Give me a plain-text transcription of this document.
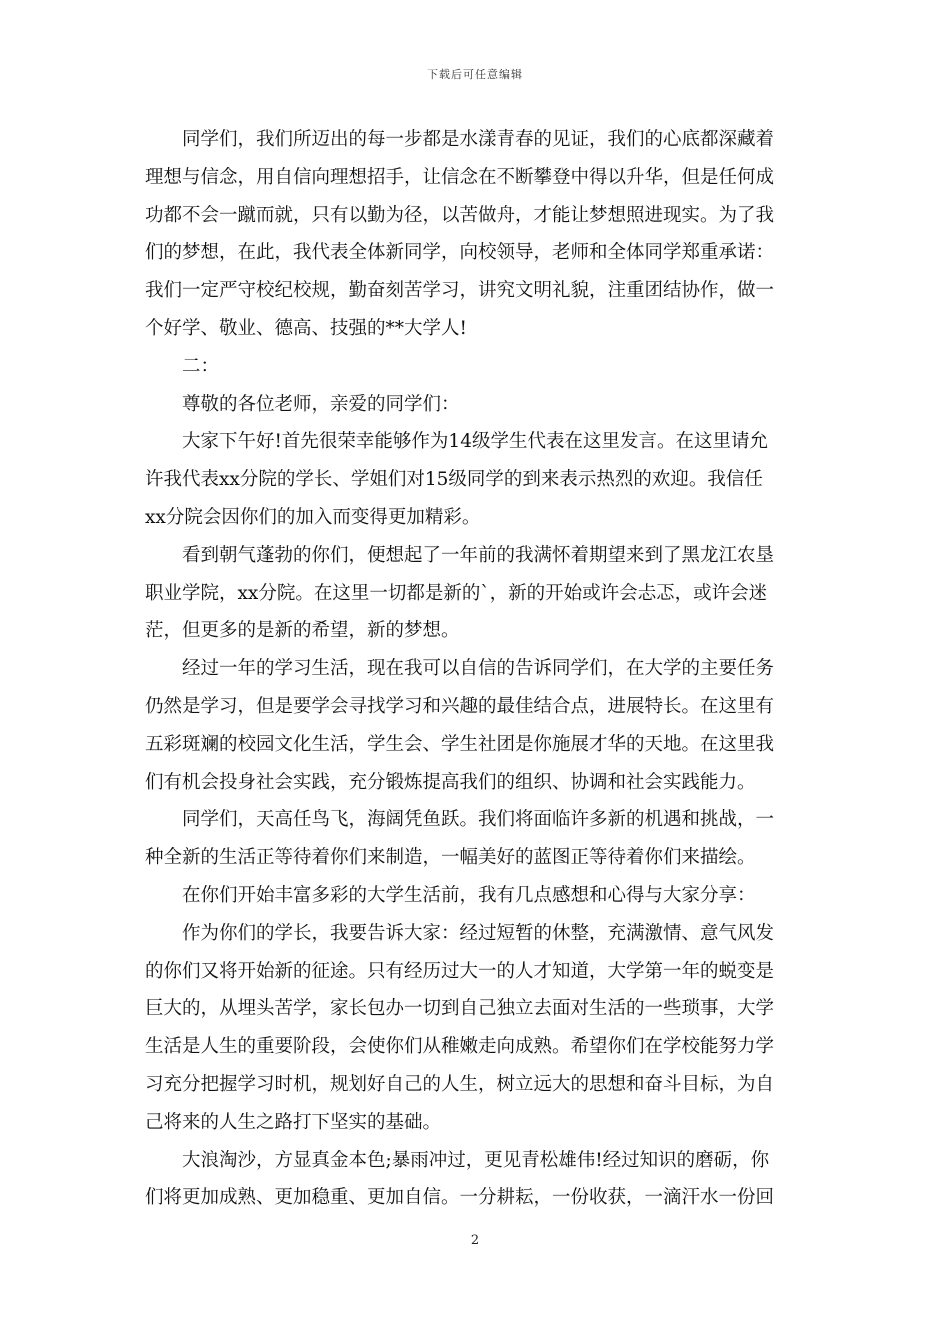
下载后可任意编辑

同学们，我们所迈出的每一步都是水漾青春的见证，我们的心底都深藏着
理想与信念，用自信向理想招手，让信念在不断攀登中得以升华，但是任何成
功都不会一蹴而就，只有以勤为径，以苦做舟，才能让梦想照进现实。为了我
们的梦想，在此，我代表全体新同学，向校领导，老师和全体同学郑重承诺：
我们一定严守校纪校规，勤奋刻苦学习，讲究文明礼貌，注重团结协作，做一
个好学、敬业、德高、技强的**大学人!

二：

尊敬的各位老师，亲爱的同学们：

大家下午好!首先很荣幸能够作为14级学生代表在这里发言。在这里请允
许我代表xx分院的学长、学姐们对15级同学的到来表示热烈的欢迎。我信任
xx分院会因你们的加入而变得更加精彩。

看到朝气蓬勃的你们，便想起了一年前的我满怀着期望来到了黑龙江农垦
职业学院，xx分院。在这里一切都是新的`，新的开始或许会忐忑，或许会迷
茫，但更多的是新的希望，新的梦想。

经过一年的学习生活，现在我可以自信的告诉同学们，在大学的主要任务
仍然是学习，但是要学会寻找学习和兴趣的最佳结合点，进展特长。在这里有
五彩斑斓的校园文化生活，学生会、学生社团是你施展才华的天地。在这里我
们有机会投身社会实践，充分锻炼提高我们的组织、协调和社会实践能力。

同学们，天高任鸟飞，海阔凭鱼跃。我们将面临许多新的机遇和挑战，一
种全新的生活正等待着你们来制造，一幅美好的蓝图正等待着你们来描绘。

在你们开始丰富多彩的大学生活前，我有几点感想和心得与大家分享：

作为你们的学长，我要告诉大家：经过短暂的休整，充满激情、意气风发
的你们又将开始新的征途。只有经历过大一的人才知道，大学第一年的蜕变是
巨大的，从埋头苦学，家长包办一切到自己独立去面对生活的一些琐事，大学
生活是人生的重要阶段，会使你们从稚嫩走向成熟。希望你们在学校能努力学
习充分把握学习时机，规划好自己的人生，树立远大的思想和奋斗目标，为自
己将来的人生之路打下坚实的基础。

大浪淘沙，方显真金本色;暴雨冲过，更见青松雄伟!经过知识的磨砺，你
们将更加成熟、更加稳重、更加自信。一分耕耘，一份收获，一滴汗水一份回

2
